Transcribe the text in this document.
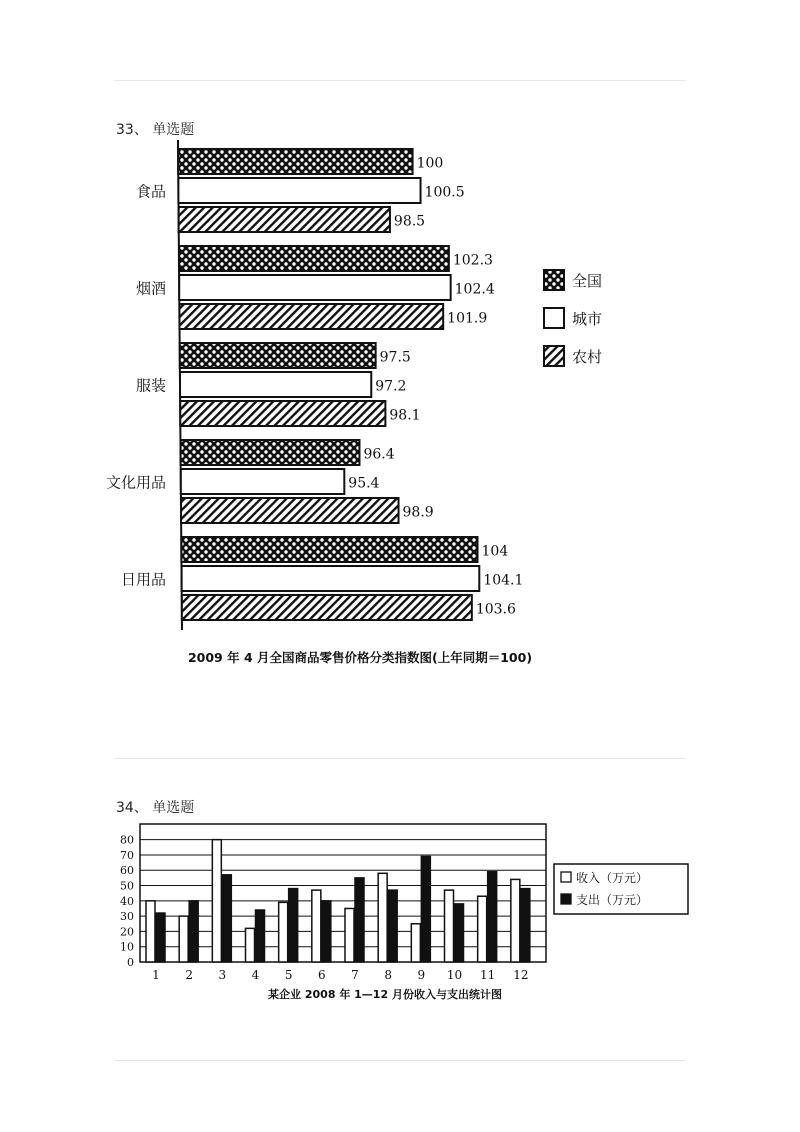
33、 单选题
100
102.3
97.5
96.4
104
100.5
102.4
97.2
95.4
104.1
98.5
101.9
98.1
98.9
103.6
食品
烟酒
服装
文化用品
日用品
全国
城市
农村
2009 年 4 月全国商品零售价格分类指数图(上年同期＝100)
34、 单选题
0
10
20
30
40
50
60
70
80
1 2 3 4 5 6 7 8 9 10 11 12
收入（万元）
支出（万元）
某企业 2008 年 1—12 月份收入与支出统计图
